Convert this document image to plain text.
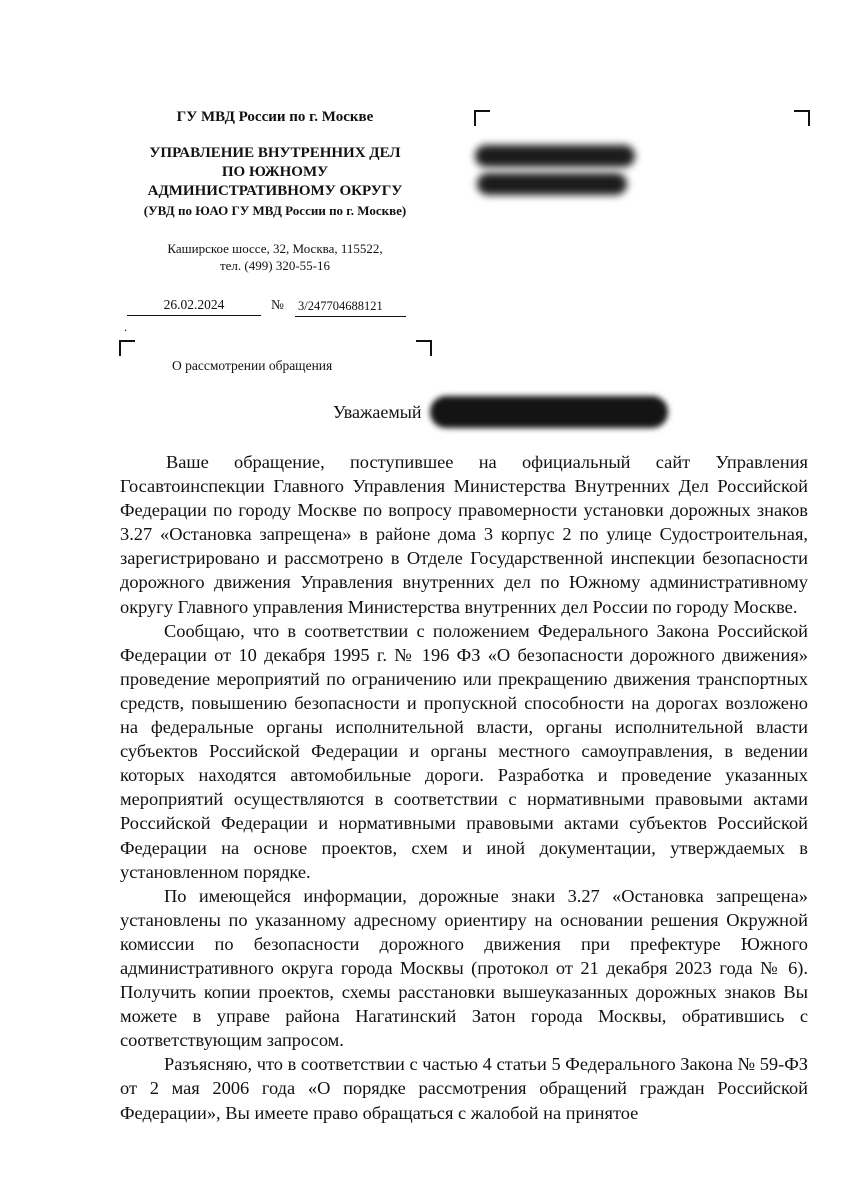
ГУ МВД России по г. Москве
УПРАВЛЕНИЕ ВНУТРЕННИХ ДЕЛ
ПО ЮЖНОМУ
АДМИНИСТРАТИВНОМУ ОКРУГУ
(УВД по ЮАО ГУ МВД России по г. Москве)
Каширское шоссе, 32, Москва, 115522,
тел. (499) 320-55-16
26.02.2024	№ 3/247704688121
.
О рассмотрении обращения
Уважаемый

Ваше обращение, поступившее на официальный сайт Управления Госавтоинспекции Главного Управления Министерства Внутренних Дел Российской Федерации по городу Москве по вопросу правомерности установки дорожных знаков 3.27 «Остановка запрещена» в районе дома 3 корпус 2 по улице Судостроительная, зарегистрировано и рассмотрено в Отделе Государственной инспекции безопасности дорожного движения Управления внутренних дел по Южному административному округу Главного управления Министерства внутренних дел России по городу Москве.

Сообщаю, что в соответствии с положением Федерального Закона Российской Федерации от 10 декабря 1995 г. № 196 ФЗ «О безопасности дорожного движения» проведение мероприятий по ограничению или прекращению движения транспортных средств, повышению безопасности и пропускной способности на дорогах возложено на федеральные органы исполнительной власти, органы исполнительной власти субъектов Российской Федерации и органы местного самоуправления, в ведении которых находятся автомобильные дороги. Разработка и проведение указанных мероприятий осуществляются в соответствии с нормативными правовыми актами Российской Федерации и нормативными правовыми актами субъектов Российской Федерации на основе проектов, схем и иной документации, утверждаемых в установленном порядке.

По имеющейся информации, дорожные знаки 3.27 «Остановка запрещена» установлены по указанному адресному ориентиру на основании решения Окружной комиссии по безопасности дорожного движения при префектуре Южного административного округа города Москвы (протокол от 21 декабря 2023 года № 6). Получить копии проектов, схемы расстановки вышеуказанных дорожных знаков Вы можете в управе района Нагатинский Затон города Москвы, обратившись с соответствующим запросом.

Разъясняю, что в соответствии с частью 4 статьи 5 Федерального Закона № 59-ФЗ от 2 мая 2006 года «О порядке рассмотрения обращений граждан Российской Федерации», Вы имеете право обращаться с жалобой на принятое
